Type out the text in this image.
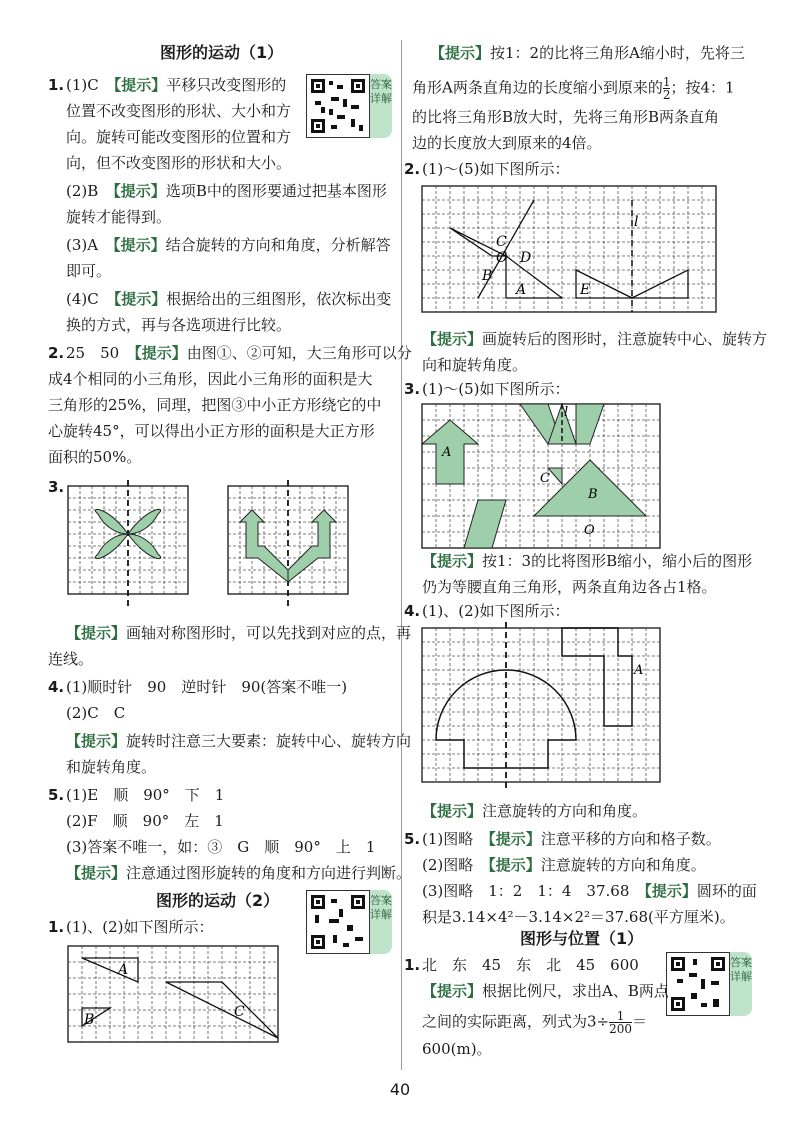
图形的运动（1）
答案详解
1. (1)C　 【提示】平移只改变图形的
位置不改变图形的形状、大小和方
向。旋转可能改变图形的位置和方
向，但不改变图形的形状和大小。
(2)B　 【提示】选项B中的图形要通过把基本图形
旋转才能得到。
(3)A　 【提示】结合旋转的方向和角度，分析解答
即可。
(4)C　 【提示】根据给出的三组图形，依次标出变
换的方式，再与各选项进行比较。
2. 25　50　 【提示】由图①、②可知，大三角形可以分
成4个相同的小三角形，因此小三角形的面积是大
三角形的25%，同理，把图③中小正方形绕它的中
心旋转45°，可以得出小正方形的面积是大正方形
面积的50%。
3.
【提示】画轴对称图形时，可以先找到对应的点，再
连线。
4. (1)顺时针　90　逆时针　90(答案不唯一)
(2)C　C
【提示】旋转时注意三大要素：旋转中心、旋转方向
和旋转角度。
5. (1)E　顺　90°　下　1
(2)F　顺　90°　左　1
(3)答案不唯一，如：③　G　顺　90°　上　1
【提示】注意通过图形旋转的角度和方向进行判断。
图形的运动（2）	答案详解
1. (1)、(2)如下图所示：
A
B	C
【提示】按1：2的比将三角形A缩小时，先将三
角形A两条直角边的长度缩小到原来的 $\frac{1}{2}$ ；按4：1
的比将三角形B放大时，先将三角形B两条直角
边的长度放大到原来的4倍。
2. (1)～(5)如下图所示：
C
O D
B
A	E
l
【提示】画旋转后的图形时，注意旋转中心、旋转方
向和旋转角度。
3. (1)～(5)如下图所示：
A
l
C
B
O
【提示】按1：3的比将图形B缩小，缩小后的图形
仍为等腰直角三角形，两条直角边各占1格。
4. (1)、(2)如下图所示：
A
【提示】注意旋转的方向和角度。
5. (1)图略　 【提示】注意平移的方向和格子数。
(2)图略　 【提示】注意旋转的方向和角度。
(3)图略　1：2　1：4　37.68　 【提示】圆环的面
积是3.14×4²－3.14×2²＝37.68(平方厘米)。
图形与位置（1）
答案详解
1. 北　东　45　东　北　45　600
【提示】根据比例尺，求出A、B两点
之间的实际距离，列式为$3\div \frac{1}{200}$ ＝
600(m)。
40
